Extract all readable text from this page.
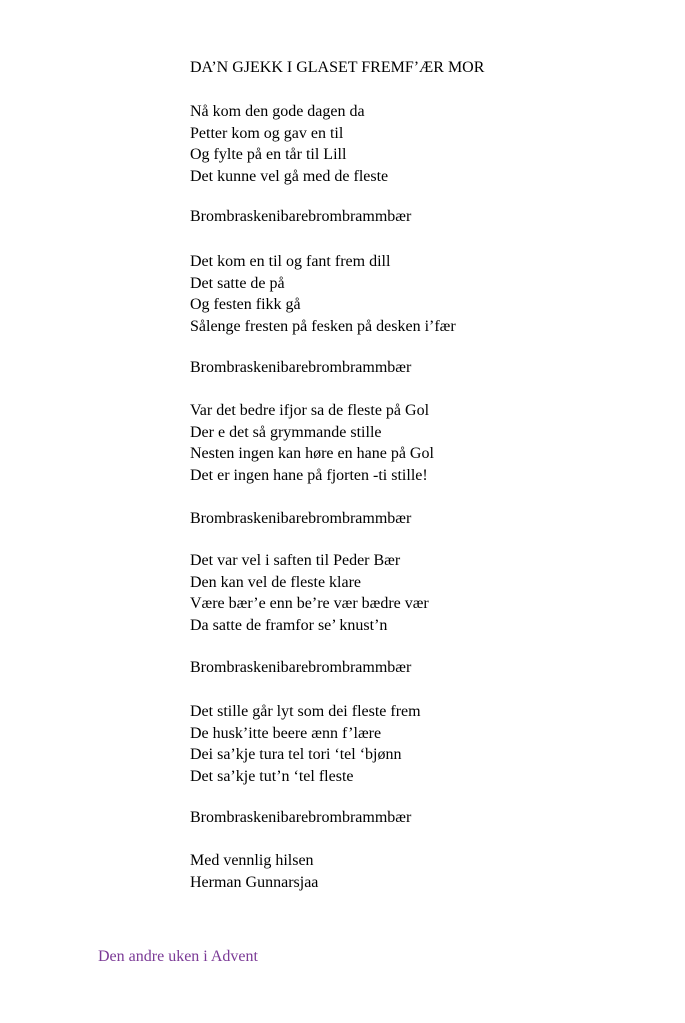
DA’N GJEKK I GLASET FREMF’ÆR MOR
Nå kom den gode dagen da
Petter kom og gav en til
Og fylte på en tår til Lill
Det kunne vel gå med de fleste
Brombraskenibarebrombrammbær
Det kom en til og fant frem dill
Det satte de på
Og festen fikk gå
Sålenge fresten på fesken på desken i’fær
Brombraskenibarebrombrammbær
Var det bedre ifjor sa de fleste på Gol
Der e det så grymmande stille
Nesten ingen kan høre en hane på Gol
Det er ingen hane på fjorten -ti stille!
Brombraskenibarebrombrammbær
Det var vel i saften til Peder Bær
Den kan vel de fleste klare
Være bær’e enn be’re vær bædre vær
Da satte de framfor se’ knust’n
Brombraskenibarebrombrammbær
Det stille går lyt som dei fleste frem
De husk’itte beere ænn f’lære
Dei sa’kje tura tel tori ‘tel ‘bjønn
Det sa’kje tut’n ‘tel fleste
Brombraskenibarebrombrammbær
Med vennlig hilsen
Herman Gunnarsjaa
Den andre uken i Advent
